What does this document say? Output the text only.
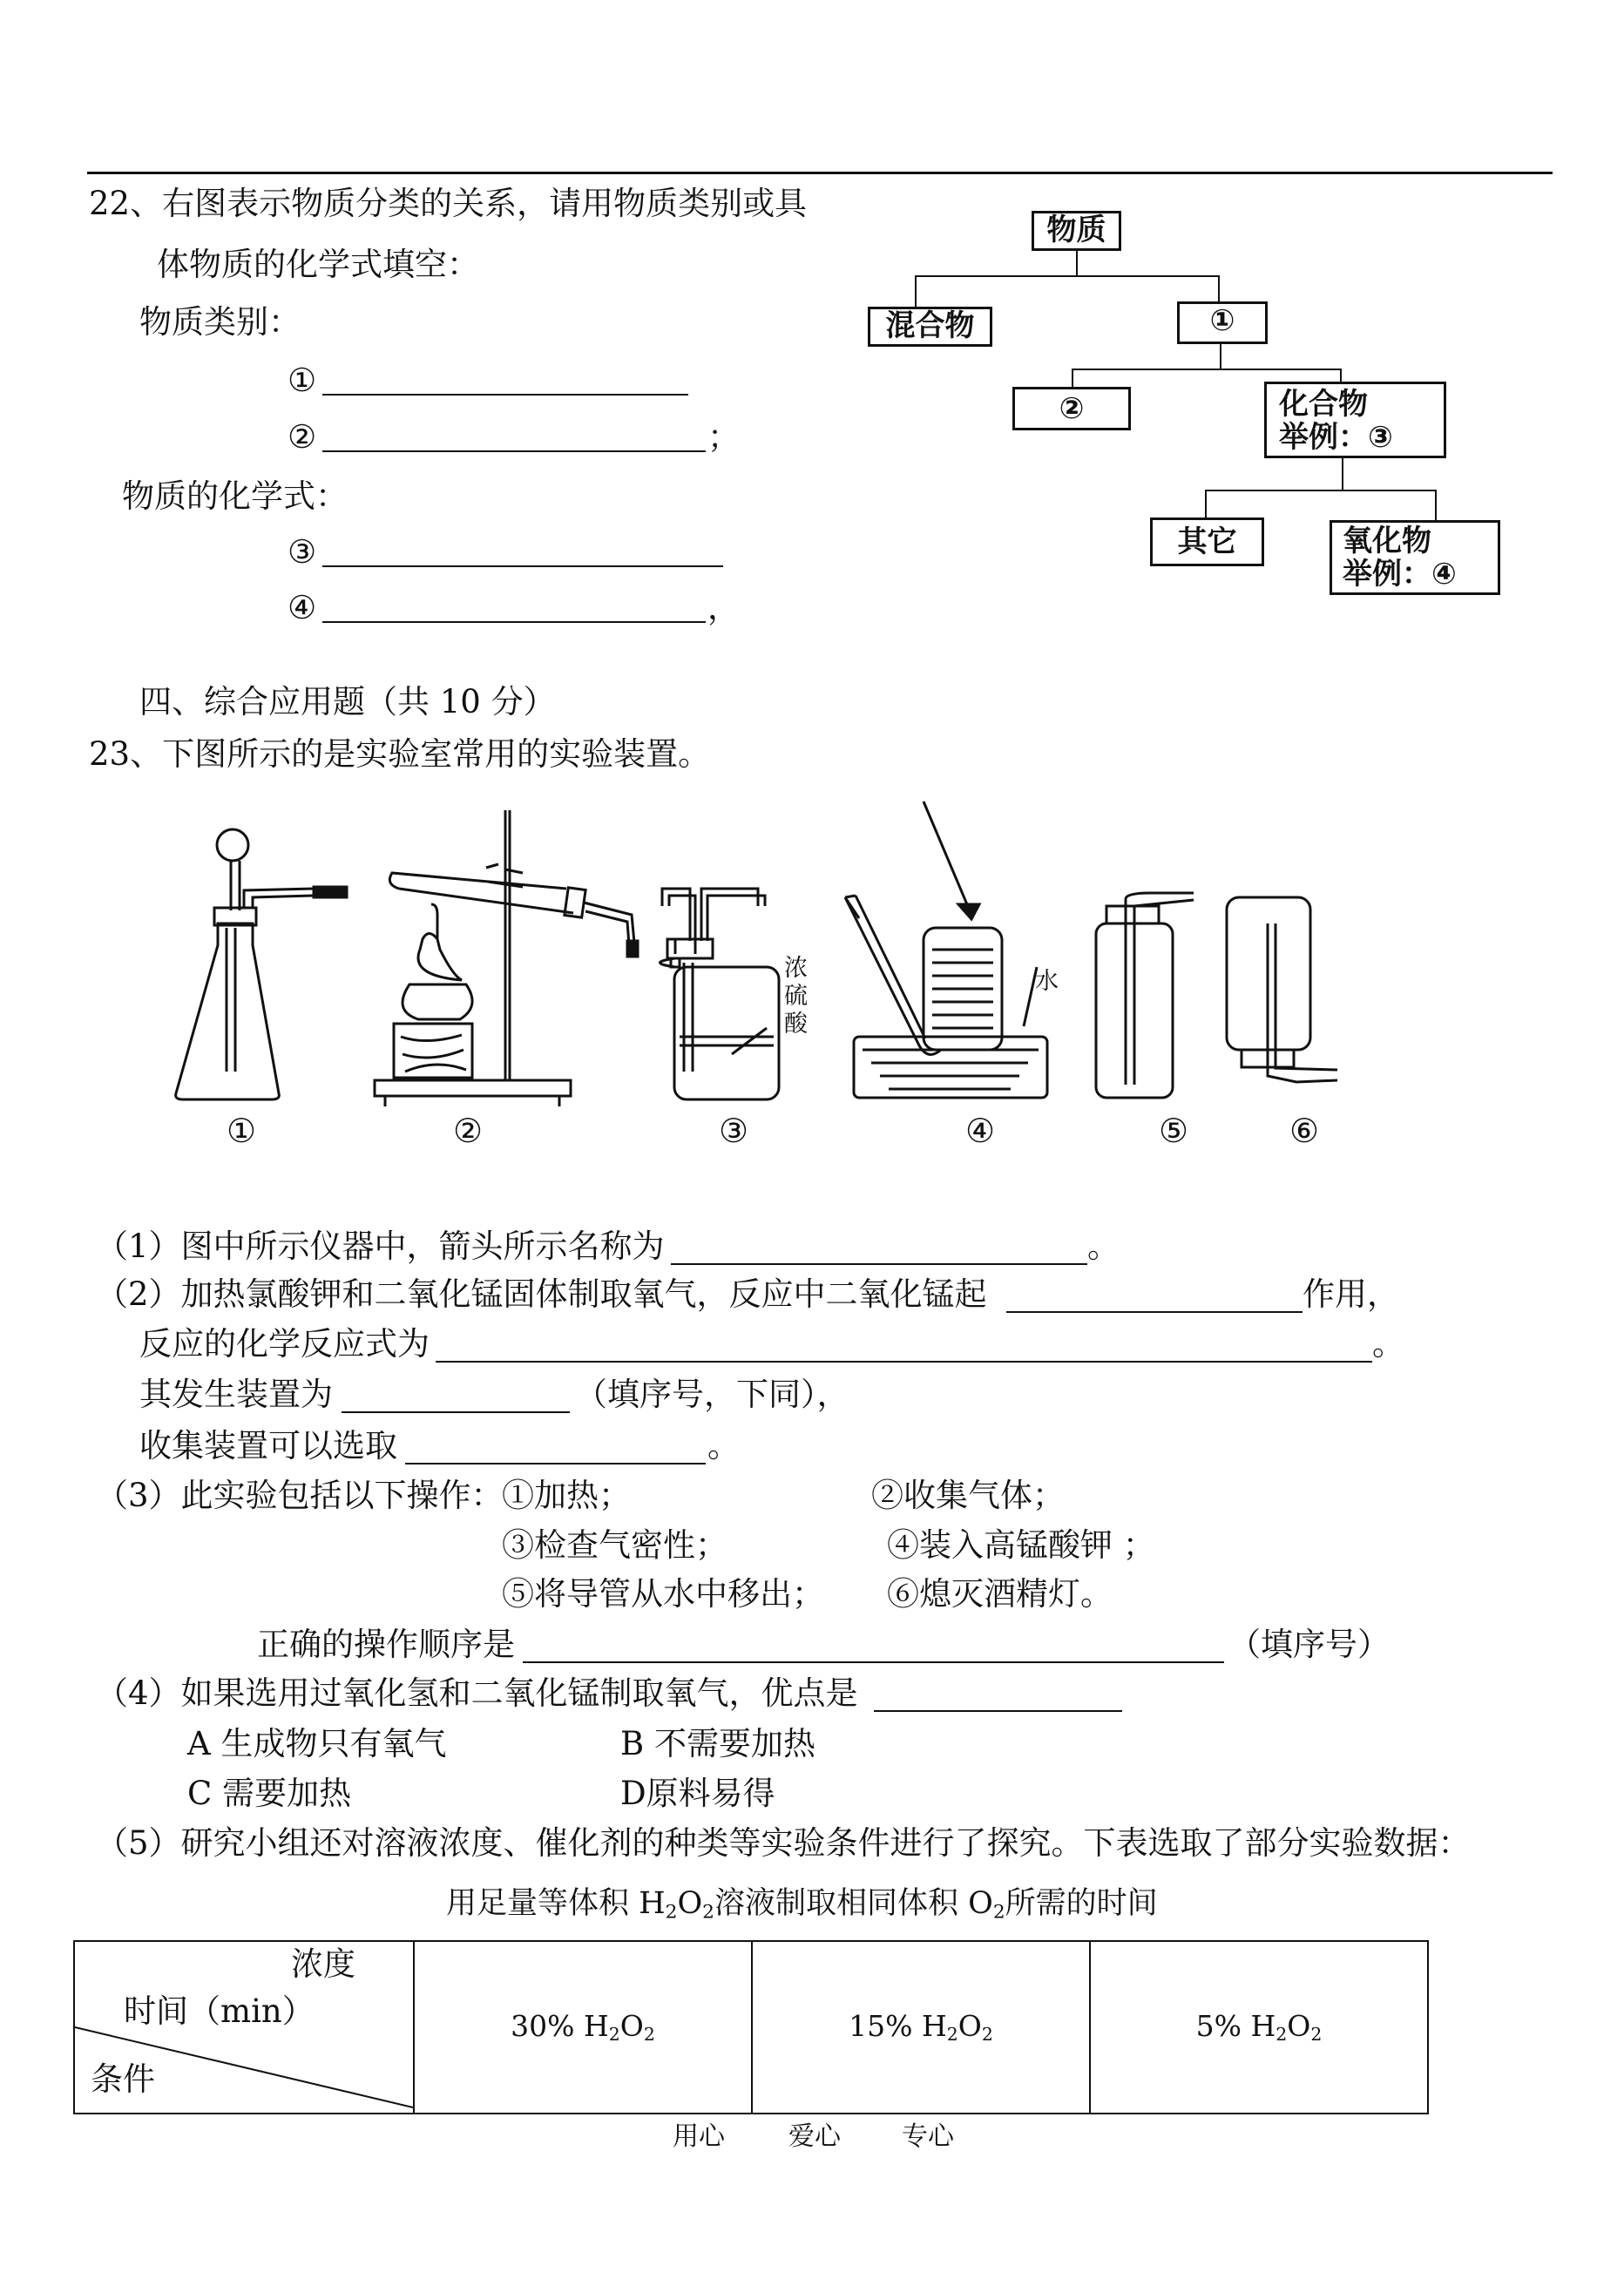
22、右图表示物质分类的关系，请用物质类别或具
体物质的化学式填空：
物质类别：
①
②	；
物质的化学式：
③
④	，
物质
混合物	①
②	化合物
举例：③
其它	氧化物
举例：④
四、综合应用题（共 10 分）
23、下图所示的是实验室常用的实验装置。
浓
硫
酸
水
①	②	③	④	⑤	⑥
（1）图中所示仪器中，箭头所示名称为	。
（2）加热氯酸钾和二氧化锰固体制取氧气，反应中二氧化锰起	作用，
反应的化学反应式为	。
其发生装置为	（填序号，下同），
收集装置可以选取	。
（3）此实验包括以下操作：
①加热；	②收集气体；
③检查气密性；	④装入高锰酸钾 ；
⑤将导管从水中移出； ⑥熄灭酒精灯。
正确的操作顺序是	（填序号）
（4）如果选用过氧化氢和二氧化锰制取氧气，优点是
A 生成物只有氧气	B 不需要加热
C 需要加热	D原料易得
（5）研究小组还对溶液浓度、催化剂的种类等实验条件进行了探究。下表选取了部分实验数据：
用足量等体积 $H_2O_2$溶液制取相同体积 $O_2$所需的时间
浓度
时间（min）
条件
	30% $H_2O_2$	15% $H_2O_2$	5% $H_2O_2$
用心 爱心 专心
